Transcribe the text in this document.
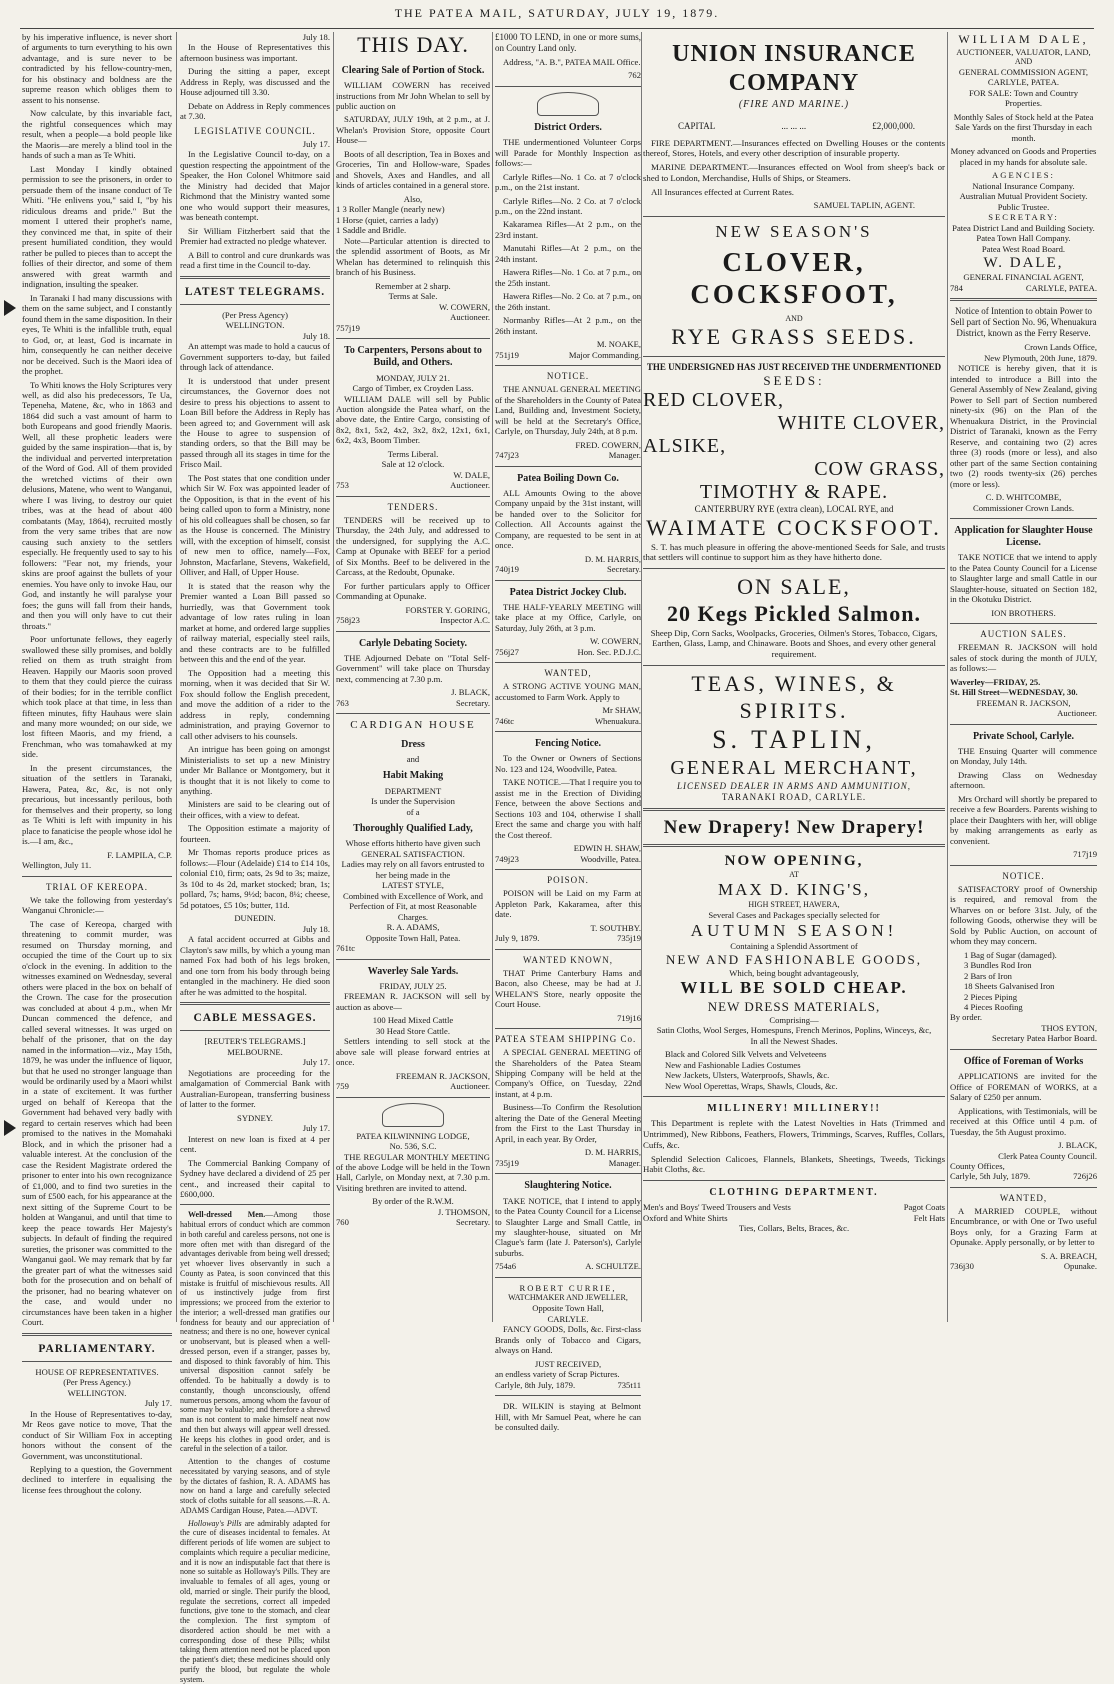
THE PATEA MAIL, SATURDAY, JULY 19, 1879.

by his imperative influence, is never short of arguments to turn everything to his own advantage, and is sure never to be contradicted by his fellow-country-men, for his obstinacy and boldness are the supreme reason which obliges them to assent to his nonsense.

Now calculate, by this invariable fact, the rightful consequences which may result, when a people—a bold people like the Maoris—are merely a blind tool in the hands of such a man as Te Whiti.

Last Monday I kindly obtained permission to see the prisoners, in order to persuade them of the insane conduct of Te Whiti. "He enlivens you," said I, "by his ridiculous dreams and pride." But the moment I uttered their prophet's name, they convinced me that, in spite of their present humiliated condition, they would rather be pulled to pieces than to accept the follies of their director, and some of them answered with great warmth and indignation, insulting the speaker.

In Taranaki I had many discussions with them on the same subject, and I constantly found them in the same disposition. In their eyes, Te Whiti is the infallible truth, equal to God, or, at least, God is incarnate in him, consequently he can neither deceive nor be deceived. Such is the Maori idea of the prophet.

To Whiti knows the Holy Scriptures very well, as did also his predecessors, Te Ua, Tepeneha, Matene, &c, who in 1863 and 1864 did such a vast amount of harm to both Europeans and good friendly Maoris. Well, all these prophetic leaders were guided by the same inspiration—that is, by the individual and perverted interpretation of the Word of God. All of them provided the wretched victims of their own delusions, Matene, who went to Wanganui, where I was living, to destroy our quiet tribes, was at the head of about 400 combatants (May, 1864), recruited mostly from the very same tribes that are now causing such anxiety to the settlers especially. He frequently used to say to his followers: "Fear not, my friends, your skins are proof against the bullets of your enemies. You have only to invoke Hau, our God, and instantly he will paralyse your foes; the guns will fall from their hands, and then you will only have to cut their throats."

Poor unfortunate fellows, they eagerly swallowed these silly promises, and boldly relied on them as truth straight from Heaven. Happily our Maoris soon proved to them that they could pierce the cuirass of their bodies; for in the terrible conflict which took place at that time, in less than fifteen minutes, fifty Hauhaus were slain and many more wounded; on our side, we lost fifteen Maoris, and my friend, a Frenchman, who was tomahawked at my side.

In the present circumstances, the situation of the settlers in Taranaki, Hawera, Patea, &c, &c, is not only precarious, but incessantly perilous, both for themselves and their property, so long as Te Whiti is left with impunity in his place to fanaticise the people whose idol he is.—I am, &c.,

F. LAMPILA, C.P.
Wellington, July 11.
TRIAL OF KEREOPA.

We take the following from yesterday's Wanganui Chronicle:—

The case of Kereopa, charged with threatening to commit murder, was resumed on Thursday morning, and occupied the time of the Court up to six o'clock in the evening. In addition to the witnesses examined on Wednesday, several others were placed in the box on behalf of the Crown. The case for the prosecution was concluded at about 4 p.m., when Mr Duncan commenced the defence, and called several witnesses. It was urged on behalf of the prisoner, that on the day named in the information—viz., May 15th, 1879, he was under the influence of liquor, but that he used no stronger language than would be ordinarily used by a Maori whilst in a state of excitement. It was further urged on behalf of Kereopa that the Government had behaved very badly with regard to certain reserves which had been promised to the natives in the Momahaki Block, and in which the prisoner had a valuable interest. At the conclusion of the case the Resident Magistrate ordered the prisoner to enter into his own recognizance of £1,000, and to find two sureties in the sum of £500 each, for his appearance at the next sitting of the Supreme Court to be holden at Wanganui, and until that time to keep the peace towards Her Majesty's subjects. In default of finding the required sureties, the prisoner was committed to the Wanganui gaol. We may remark that by far the greater part of what the witnesses said both for the prosecution and on behalf of the prisoner, had no bearing whatever on the case, and would under no circumstances have been taken in a higher Court.

PARLIAMENTARY.
HOUSE OF REPRESENTATIVES.
(Per Press Agency.)
WELLINGTON.
July 17.

In the House of Representatives to-day, Mr Reos gave notice to move, That the conduct of Sir William Fox in accepting honors without the consent of the Government, was unconstitutional.

Replying to a question, the Government declined to interfere in equalising the license fees throughout the colony.

July 18.

In the House of Representatives this afternoon business was important.

During the sitting a paper, except Address in Reply, was discussed and the House adjourned till 3.30.

Debate on Address in Reply commences at 7.30.

LEGISLATIVE COUNCIL.
July 17.

In the Legislative Council to-day, on a question respecting the appointment of the Speaker, the Hon Colonel Whitmore said the Ministry had decided that Major Richmond that the Ministry wanted some one who would support their measures, was beneath contempt.

Sir William Fitzherbert said that the Premier had extracted no pledge whatever.

A Bill to control and cure drunkards was read a first time in the Council to-day.

LATEST TELEGRAMS.
(Per Press Agency)
WELLINGTON.
July 18.

An attempt was made to hold a caucus of Government supporters to-day, but failed through lack of attendance.

It is understood that under present circumstances, the Governor does not desire to press his objections to assent to Loan Bill before the Address in Reply has been agreed to; and Government will ask the House to agree to suspension of standing orders, so that the Bill may be passed through all its stages in time for the Frisco Mail.

The Post states that one condition under which Sir W. Fox was appointed leader of the Opposition, is that in the event of his being called upon to form a Ministry, none of his old colleagues shall be chosen, so far as the House is concerned. The Ministry will, with the exception of himself, consist of new men to office, namely—Fox, Johnston, Macfarlane, Stevens, Wakefield, Olliver, and Hall, of Upper House.

It is stated that the reason why the Premier wanted a Loan Bill passed so hurriedly, was that Government took advantage of low rates ruling in loan market at home, and ordered large supplies of railway material, especially steel rails, and these contracts are to be fulfilled between this and the end of the year.

The Opposition had a meeting this morning, when it was decided that Sir W. Fox should follow the English precedent, and move the addition of a rider to the address in reply, condemning administration, and praying Governor to call other advisers to his counsels.

An intrigue has been going on amongst Ministerialists to set up a new Ministry under Mr Ballance or Montgomery, but it is thought that it is not likely to come to anything.

Ministers are said to be clearing out of their offices, with a view to defeat.

The Opposition estimate a majority of fourteen.

Mr Thomas reports produce prices as follows:—Flour (Adelaide) £14 to £14 10s, colonial £10, firm; oats, 2s 9d to 3s; maize, 3s 10d to 4s 2d, market stocked; bran, 1s; pollard, 7s; hams, 9½d; bacon, 8¼; cheese, 5d potatoes, £5 10s; butter, 11d.

DUNEDIN.
July 18.

A fatal accident occurred at Gibbs and Clayton's saw mills, by which a young man named Fox had both of his legs broken, and one torn from his body through being entangled in the machinery. He died soon after he was admitted to the hospital.

CABLE MESSAGES.
[REUTER'S TELEGRAMS.]
MELBOURNE.
July 17.

Negotiations are proceeding for the amalgamation of Commercial Bank with Australian-European, transferring business of latter to the former.

SYDNEY.
July 17.

Interest on new loan is fixed at 4 per cent.

The Commercial Banking Company of Sydney have declared a dividend of 25 per cent., and increased their capital to £600,000.

Well-dressed Men.—Among those habitual errors of conduct which are common in both careful and careless persons, not one is more often met with than disregard of the advantages derivable from being well dressed; yet whoever lives observantly in such a County as Patea, is soon convinced that this mistake is fruitful of mischievous results. All of us instinctively judge from first impressions; we proceed from the exterior to the interior; a well-dressed man gratifies our fondness for beauty and our appreciation of neatness; and there is no one, however cynical or unobservant, but is pleased when a well-dressed person, even if a stranger, passes by, and disposed to think favorably of him. This universal disposition cannot safely be offended. To be habitually a dowdy is to constantly, though unconsciously, offend numerous persons, among whom the favour of some may be valuable; and therefore a shrewd man is not content to make himself neat now and then but always will appear well dressed. He keeps his clothes in good order, and is careful in the selection of a tailor.

Attention to the changes of costume necessitated by varying seasons, and of style by the dictates of fashion, R. A. ADAMS has now on hand a large and carefully selected stock of cloths suitable for all seasons.—R. A. ADAMS Cardigan House, Patea.—ADVT.

Holloway's Pills are admirably adapted for the cure of diseases incidental to females. At different periods of life women are subject to complaints which require a peculiar medicine, and it is now an indisputable fact that there is none so suitable as Holloway's Pills. They are invaluable to females of all ages, young or old, married or single. Their purify the blood, regulate the secretions, correct all impeded functions, give tone to the stomach, and clear the complexion. The first symptom of disordered action should be met with a corresponding dose of these Pills; whilst taking them attention need not be placed upon the patient's diet; these medicines should only purify the blood, but regulate the whole system.

THIS DAY.
Clearing Sale of Portion of Stock.

WILLIAM COWERN has received instructions from Mr John Whelan to sell by public auction on

SATURDAY, JULY 19th, at 2 p.m., at J. Whelan's Provision Store, opposite Court House—

Boots of all description, Tea in Boxes and Groceries, Tin and Hollow-ware, Spades and Shovels, Axes and Handles, and all kinds of articles contained in a general store.

Also,
1 3 Roller Mangle (nearly new)
1 Horse (quiet, carries a lady)
1 Saddle and Bridle.

Note—Particular attention is directed to the splendid assortment of Boots, as Mr Whelan has determined to relinquish this branch of his Business.

Remember at 2 sharp.
Terms at Sale.
W. COWERN,
Auctioneer.
757j19
To Carpenters, Persons about to Build, and Others.
MONDAY, JULY 21.
Cargo of Timber, ex Croyden Lass.

WILLIAM DALE will sell by Public Auction alongside the Patea wharf, on the above date, the Entire Cargo, consisting of 8x2, 8x1, 5x2, 4x2, 3x2, 8x2, 12x1, 6x1, 6x2, 4x3, Boom Timber.

Terms Liberal.
Sale at 12 o'clock.
W. DALE,
753	Auctioneer.
TENDERS.

TENDERS will be received up to Thursday, the 24th July, and addressed to the undersigned, for supplying the A.C. Camp at Opunake with BEEF for a period of Six Months. Beef to be delivered in the Carcass, at the Redoubt, Opunake.

For further particulars apply to Officer Commanding at Opunake.

FORSTER Y. GORING,
758j23	Inspector A.C.
Carlyle Debating Society.

THE Adjourned Debate on "Total Self-Government" will take place on Thursday next, commencing at 7.30 p.m.

J. BLACK,
763	Secretary.
CARDIGAN HOUSE
Dress
and
Habit Making
DEPARTMENT
Is under the Supervision
of a
Thoroughly Qualified Lady,
Whose efforts hitherto have given such
GENERAL SATISFACTION.
Ladies may rely on all favors entrusted to her being made in the
LATEST STYLE,
Combined with Excellence of Work, and Perfection of Fit, at most Reasonable Charges.
R. A. ADAMS,
Opposite Town Hall, Patea.
761tc
Waverley Sale Yards.
FRIDAY, JULY 25.

FREEMAN R. JACKSON will sell by auction as above—

100 Head Mixed Cattle
30 Head Store Cattle.

Settlers intending to sell stock at the above sale will please forward entries at once.

FREEMAN R. JACKSON,
759	Auctioneer.
PATEA KILWINNING LODGE,
No. 536, S.C.

THE REGULAR MONTHLY MEETING of the above Lodge will be held in the Town Hall, Carlyle, on Monday next, at 7.30 p.m. Visiting brethren are invited to attend.

By order of the R.W.M.
J. THOMSON,
760	Secretary.

£1000 TO LEND, in one or more sums, on Country Land only.

Address, "A. B.", PATEA MAIL Office.

762
District Orders.

THE undermentioned Volunteer Corps will Parade for Monthly Inspection as follows:—

Carlyle Rifles—No. 1 Co. at 7 o'clock p.m., on the 21st instant.

Carlyle Rifles—No. 2 Co. at 7 o'clock p.m., on the 22nd instant.

Kakaramea Rifles—At 2 p.m., on the 23rd instant.

Manutahi Rifles—At 2 p.m., on the 24th instant.

Hawera Rifles—No. 1 Co. at 7 p.m., on the 25th instant.

Hawera Rifles—No. 2 Co. at 7 p.m., on the 26th instant.

Normanby Rifles—At 2 p.m., on the 26th instant.

M. NOAKE,
751j19	Major Commanding.
NOTICE.

THE ANNUAL GENERAL MEETING of the Shareholders in the County of Patea Land, Building and, Investment Society, will be held at the Secretary's Office, Carlyle, on Thursday, July 24th, at 8 p.m.

FRED. COWERN,
747j23	Manager.
Patea Boiling Down Co.

ALL Amounts Owing to the above Company unpaid by the 31st instant, will be handed over to the Solicitor for Collection. All Accounts against the Company, are requested to be sent in at once.

D. M. HARRIS,
740j19	Secretary.
Patea District Jockey Club.

THE HALF-YEARLY MEETING will take place at my Office, Carlyle, on Saturday, July 26th, at 3 p.m.

W. COWERN,
756j27	Hon. Sec. P.D.J.C.
WANTED,

A STRONG ACTIVE YOUNG MAN, accustomed to Farm Work. Apply to

Mr SHAW,
746tc	Whenuakura.
Fencing Notice.

To the Owner or Owners of Sections No. 123 and 124, Woodville, Patea.

TAKE NOTICE.—That I require you to assist me in the Erection of Dividing Fence, between the above Sections and Sections 103 and 104, otherwise I shall Erect the same and charge you with half the Cost thereof.

EDWIN H. SHAW,
749j23	Woodville, Patea.
POISON.

POISON will be Laid on my Farm at Appleton Park, Kakaramea, after this date.

T. SOUTHBY.
July 9, 1879.	735j19
WANTED KNOWN,

THAT Prime Canterbury Hams and Bacon, also Cheese, may be had at J. WHELAN'S Store, nearly opposite the Court House.

719j16
PATEA STEAM SHIPPING Co.

A SPECIAL GENERAL MEETING of the Shareholders of the Patea Steam Shipping Company will be held at the Company's Office, on Tuesday, 22nd instant, at 4 p.m.

Business—To Confirm the Resolution altering the Date of the General Meeting from the First to the Last Thursday in April, in each year. By Order,

D. M. HARRIS,
735j19	Manager.
Slaughtering Notice.

TAKE NOTICE, that I intend to apply to the Patea County Council for a License to Slaughter Large and Small Cattle, in my slaughter-house, situated on Mr Clague's farm (late J. Paterson's), Carlyle suburbs.

754a6	A. SCHULTZE.
ROBERT CURRIE,
WATCHMAKER AND JEWELLER,
Opposite Town Hall,
CARLYLE.

FANCY GOODS, Dolls, &c. First-class Brands only of Tobacco and Cigars, always on Hand.

JUST RECEIVED,
an endless variety of Scrap Pictures.
Carlyle, 8th July, 1879.	735t11

DR. WILKIN is staying at Belmont Hill, with Mr Samuel Peat, where he can be consulted daily.

UNION INSURANCE COMPANY
(FIRE AND MARINE.)
CAPITAL	... ... ...	£2,000,000.

FIRE DEPARTMENT.—Insurances effected on Dwelling Houses or the contents thereof, Stores, Hotels, and every other description of insurable property.

MARINE DEPARTMENT.—Insurances effected on Wool from sheep's back or shed to London, Merchandise, Hulls of Ships, or Steamers.

All Insurances effected at Current Rates.

SAMUEL TAPLIN, AGENT.
NEW SEASON'S
CLOVER, COCKSFOOT,
AND
RYE GRASS SEEDS.
THE UNDERSIGNED HAS JUST RECEIVED THE UNDERMENTIONED
SEEDS:
RED CLOVER,
WHITE CLOVER,
ALSIKE,
COW GRASS,
TIMOTHY & RAPE.
CANTERBURY RYE (extra clean), LOCAL RYE, and
WAIMATE COCKSFOOT.

S. T. has much pleasure in offering the above-mentioned Seeds for Sale, and trusts that settlers will continue to support him as they have hitherto done.

ON SALE,
20 Kegs Pickled Salmon.

Sheep Dip, Corn Sacks, Woolpacks, Groceries, Oilmen's Stores, Tobacco, Cigars, Earthen, Glass, Lamp, and Chinaware. Boots and Shoes, and every other general requirement.

TEAS, WINES, & SPIRITS.
S. TAPLIN,
GENERAL MERCHANT,
LICENSED DEALER IN ARMS AND AMMUNITION,
TARANAKI ROAD, CARLYLE.
New Drapery! New Drapery!
NOW OPENING,
AT
MAX D. KING'S,
HIGH STREET, HAWERA,
Several Cases and Packages specially selected for
AUTUMN SEASON!
Containing a Splendid Assortment of
NEW AND FASHIONABLE GOODS,
Which, being bought advantageously,
WILL BE SOLD CHEAP.
NEW DRESS MATERIALS,
Comprising—
Satin Cloths, Wool Serges, Homespuns, French Merinos, Poplins, Winceys, &c,
In all the Newest Shades.
Black and Colored Silk Velvets and Velveteens
New and Fashionable Ladies Costumes
New Jackets, Ulsters, Waterproofs, Shawls, &c.
New Wool Operettas, Wraps, Shawls, Clouds, &c.
MILLINERY! MILLINERY!!

This Department is replete with the Latest Novelties in Hats (Trimmed and Untrimmed), New Ribbons, Feathers, Flowers, Trimmings, Scarves, Ruffles, Collars, Cuffs, &c.

Splendid Selection Calicoes, Flannels, Blankets, Sheetings, Tweeds, Tickings Habit Cloths, &c.

CLOTHING DEPARTMENT.
Men's and Boys' Tweed Trousers and Vests	Pagot Coats
Oxford and White Shirts	Felt Hats
Ties, Collars, Belts, Braces, &c.
WILLIAM DALE,
AUCTIONEER, VALUATOR, LAND,
AND
GENERAL COMMISSION AGENT,
CARLYLE, PATEA.

FOR SALE: Town and Country Properties.

Monthly Sales of Stock held at the Patea Sale Yards on the first Thursday in each month.

Money advanced on Goods and Properties placed in my hands for absolute sale.

AGENCIES:
National Insurance Company.
Australian Mutual Provident Society.
Public Trustee.
SECRETARY:
Patea District Land and Building Society.
Patea Town Hall Company.
Patea West Road Board.
W. DALE,
GENERAL FINANCIAL AGENT,
784	CARLYLE, PATEA.

Notice of Intention to obtain Power to Sell part of Section No. 96, Whenuakura District, known as the Ferry Reserve.

Crown Lands Office,
New Plymouth, 20th June, 1879.

NOTICE is hereby given, that it is intended to introduce a Bill into the General Assembly of New Zealand, giving Power to Sell part of Section numbered ninety-six (96) on the Plan of the Whenuakura District, in the Provincial District of Taranaki, known as the Ferry Reserve, and containing two (2) acres three (3) roods (more or less), and also other part of the same Section containing two (2) roods twenty-six (26) perches (more or less).

C. D. WHITCOMBE,
Commissioner Crown Lands.
Application for Slaughter House License.

TAKE NOTICE that we intend to apply to the Patea County Council for a License to Slaughter large and small Cattle in our Slaughter-house, situated on Section 182, in the Okotuku District.

ION BROTHERS.
AUCTION SALES.

FREEMAN R. JACKSON will hold sales of stock during the month of JULY, as follows:—

Waverley—FRIDAY, 25.
St. Hill Street—WEDNESDAY, 30.
FREEMAN R. JACKSON,
Auctioneer.
Private School, Carlyle.

THE Ensuing Quarter will commence on Monday, July 14th.

Drawing Class on Wednesday afternoon.

Mrs Orchard will shortly be prepared to receive a few Boarders. Parents wishing to place their Daughters with her, will oblige by making arrangements as early as convenient.

717j19
NOTICE.

SATISFACTORY proof of Ownership is required, and removal from the Wharves on or before 31st. July, of the following Goods, otherwise they will be Sold by Public Auction, on account of whom they may concern.

1 Bag of Sugar (damaged).
3 Bundles Rod Iron
2 Bars of Iron
18 Sheets Galvanised Iron
2 Pieces Piping
4 Pieces Roofing
By order.
THOS EYTON,
Secretary Patea Harbor Board.
Office of Foreman of Works

APPLICATIONS are invited for the Office of FOREMAN of WORKS, at a Salary of £250 per annum.

Applications, with Testimonials, will be received at this Office until 4 p.m. of Tuesday, the 5th August proximo.

J. BLACK,
Clerk Patea County Council.
County Offices,
Carlyle, 5th July, 1879.	726j26
WANTED,

A MARRIED COUPLE, without Encumbrance, or with One or Two useful Boys only, for a Grazing Farm at Opunake. Apply personally, or by letter to

S. A. BREACH,
736j30	Opunake.
